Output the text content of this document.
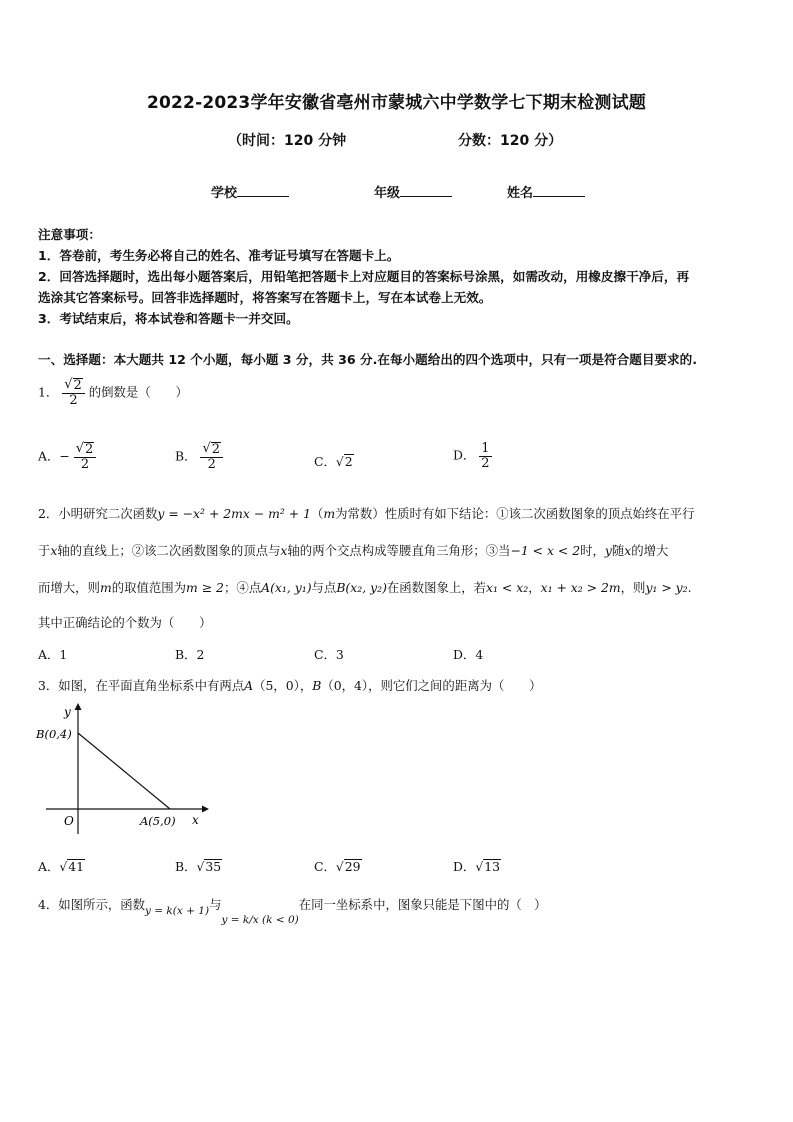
2022-2023学年安徽省亳州市蒙城六中学数学七下期末检测试题
（时间：120 分钟	分数：120 分）
学校	年级	姓名
注意事项：
1．答卷前，考生务必将自己的姓名、准考证号填写在答题卡上。
2．回答选择题时，选出每小题答案后，用铅笔把答题卡上对应题目的答案标号涂黑，如需改动，用橡皮擦干净后，再
选涂其它答案标号。回答非选择题时，将答案写在答题卡上，写在本试卷上无效。
3．考试结束后，将本试卷和答题卡一并交回。
一、选择题：本大题共 12 个小题，每小题 3 分，共 36 分.在每小题给出的四个选项中，只有一项是符合题目要求的.
1． $\frac{√ 2}{2}$ 的倒数是（　　）
A．− $\frac{√ 2}{2}$	B． $\frac{√ 2}{2}$	C． √ 2	D． $\frac{1}{2}$
2．小明研究二次函数y = −x² + 2mx − m² + 1（m为常数）性质时有如下结论：①该二次函数图象的顶点始终在平行
于x轴的直线上；②该二次函数图象的顶点与x轴的两个交点构成等腰直角三角形；③当−1 < x < 2时，y随x的增大
而增大，则m的取值范围为m ≥ 2；④点A(x₁, y₁)与点B(x₂, y₂)在函数图象上，若x₁ < x₂，x₁ + x₂ > 2m，则y₁ > y₂.
其中正确结论的个数为（　　）
A．1	B．2	C．3	D．4
3．如图，在平面直角坐标系中有两点A（5，0），B（0，4），则它们之间的距离为（　　）
y
x
O
B(0,4)
A(5,0)
A． √ 41	B． √ 35	C． √ 29	D． √ 13
4．如图所示，函数$_{y = k(x + 1)}$与$_{y = k/x (k < 0)}$在同一坐标系中，图象只能是下图中的（　）
